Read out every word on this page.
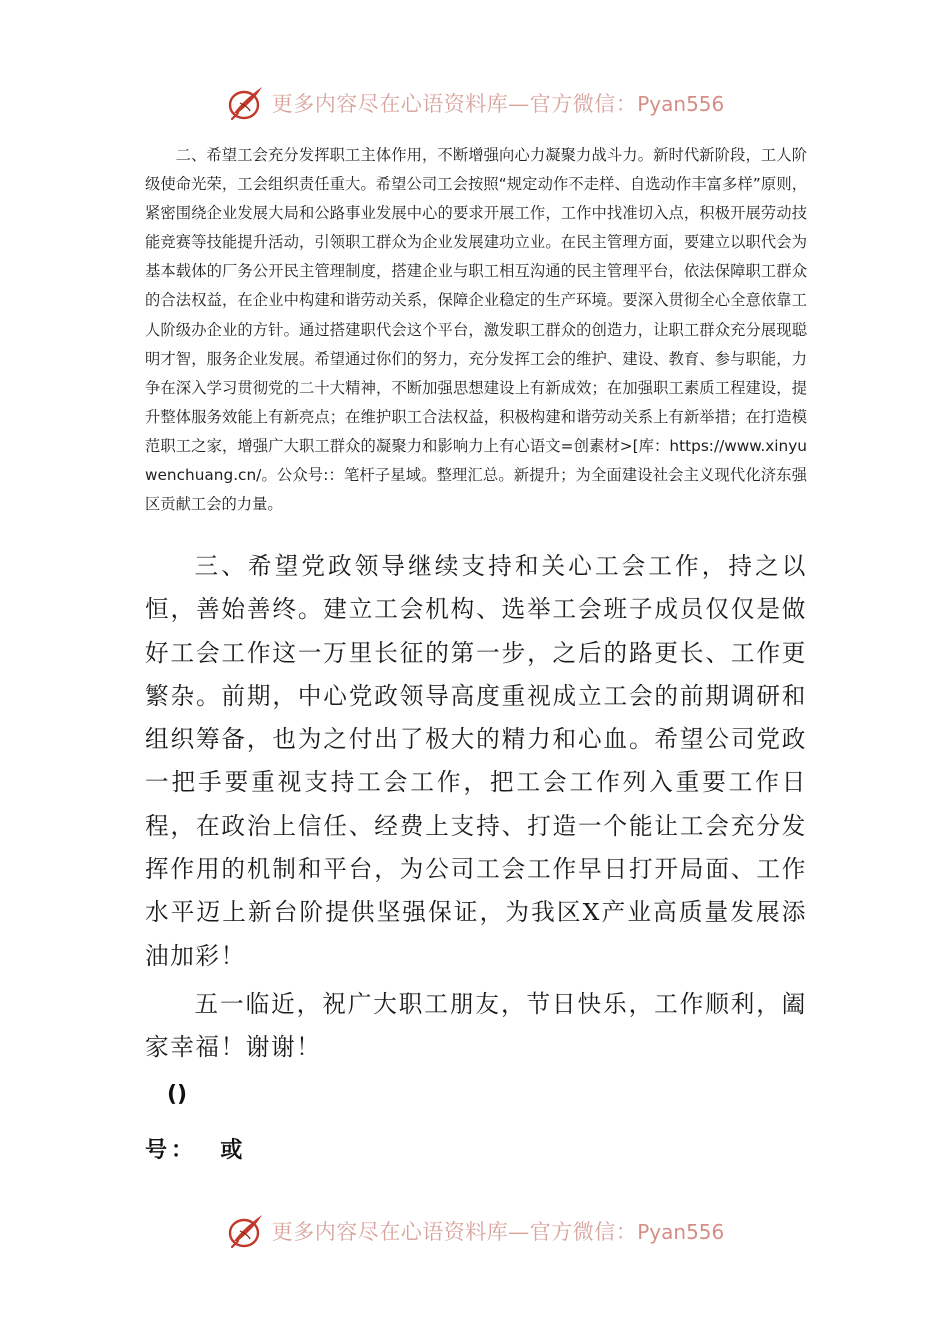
更多内容尽在心语资料库—官方微信：Pyan556

二、希望工会充分发挥职工主体作用，不断增强向心力凝聚力战斗力。新时代新阶段，工人阶级使命光荣，工会组织责任重大。希望公司工会按照“规定动作不走样、自选动作丰富多样”原则，紧密围绕企业发展大局和公路事业发展中心的要求开展工作，工作中找准切入点，积极开展劳动技能竞赛等技能提升活动，引领职工群众为企业发展建功立业。在民主管理方面，要建立以职代会为基本载体的厂务公开民主管理制度，搭建企业与职工相互沟通的民主管理平台，依法保障职工群众的合法权益，在企业中构建和谐劳动关系，保障企业稳定的生产环境。要深入贯彻全心全意依靠工人阶级办企业的方针。通过搭建职代会这个平台，激发职工群众的创造力，让职工群众充分展现聪明才智，服务企业发展。希望通过你们的努力，充分发挥工会的维护、建设、教育、参与职能，力争在深入学习贯彻党的二十大精神，不断加强思想建设上有新成效；在加强职工素质工程建设，提升整体服务效能上有新亮点；在维护职工合法权益，积极构建和谐劳动关系上有新举措；在打造模范职工之家，增强广大职工群众的凝聚力和影响力上有心语文=创素材>[库：https://www.xinyuwenchuang.cn/。公众号:：笔杆子星域。整理汇总。新提升；为全面建设社会主义现代化济东强区贡献工会的力量。

三、希望党政领导继续支持和关心工会工作，持之以恒，善始善终。建立工会机构、选举工会班子成员仅仅是做好工会工作这一万里长征的第一步，之后的路更长、工作更繁杂。前期，中心党政领导高度重视成立工会的前期调研和组织筹备，也为之付出了极大的精力和心血。希望公司党政一把手要重视支持工会工作，把工会工作列入重要工作日程，在政治上信任、经费上支持、打造一个能让工会充分发挥作用的机制和平台，为公司工会工作早日打开局面、工作水平迈上新台阶提供坚强保证，为我区X产业高质量发展添油加彩！

五一临近，祝广大职工朋友，节日快乐，工作顺利，阖家幸福！谢谢！

()
号：  或
更多内容尽在心语资料库—官方微信：Pyan556
